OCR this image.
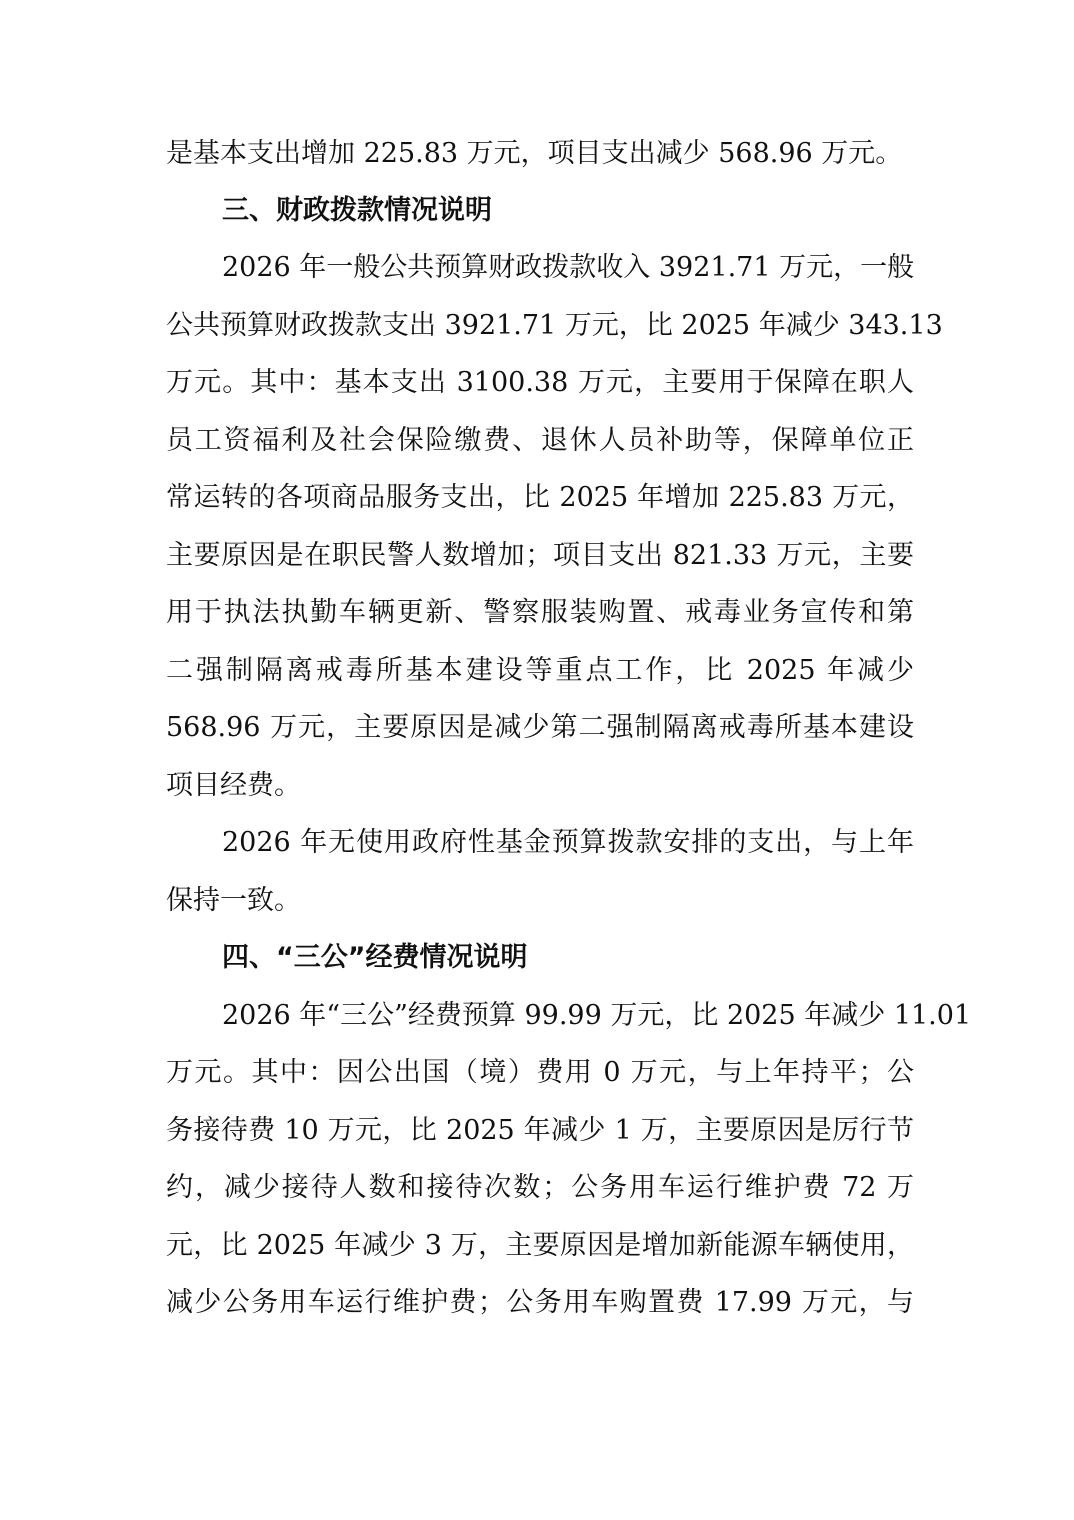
是基本支出增加 225.83 万元，项目支出减少 568.96 万元。
三、财政拨款情况说明
2026 年一般公共预算财政拨款收入 3921.71 万元，一般
公共预算财政拨款支出 3921.71 万元，比 2025 年减少 343.13
万元。其中：基本支出 3100.38 万元，主要用于保障在职人
员工资福利及社会保险缴费、退休人员补助等，保障单位正
常运转的各项商品服务支出，比 2025 年增加 225.83 万元，
主要原因是在职民警人数增加；项目支出 821.33 万元，主要
用于执法执勤车辆更新、警察服装购置、戒毒业务宣传和第
二强制隔离戒毒所基本建设等重点工作，比 2025 年减少
568.96 万元，主要原因是减少第二强制隔离戒毒所基本建设
项目经费。
2026 年无使用政府性基金预算拨款安排的支出，与上年
保持一致。
四、“三公”经费情况说明
2026 年“三公”经费预算 99.99 万元，比 2025 年减少 11.01
万元。其中：因公出国（境）费用 0 万元，与上年持平；公
务接待费 10 万元，比 2025 年减少 1 万，主要原因是厉行节
约，减少接待人数和接待次数；公务用车运行维护费 72 万
元，比 2025 年减少 3 万，主要原因是增加新能源车辆使用，
减少公务用车运行维护费；公务用车购置费 17.99 万元，与
